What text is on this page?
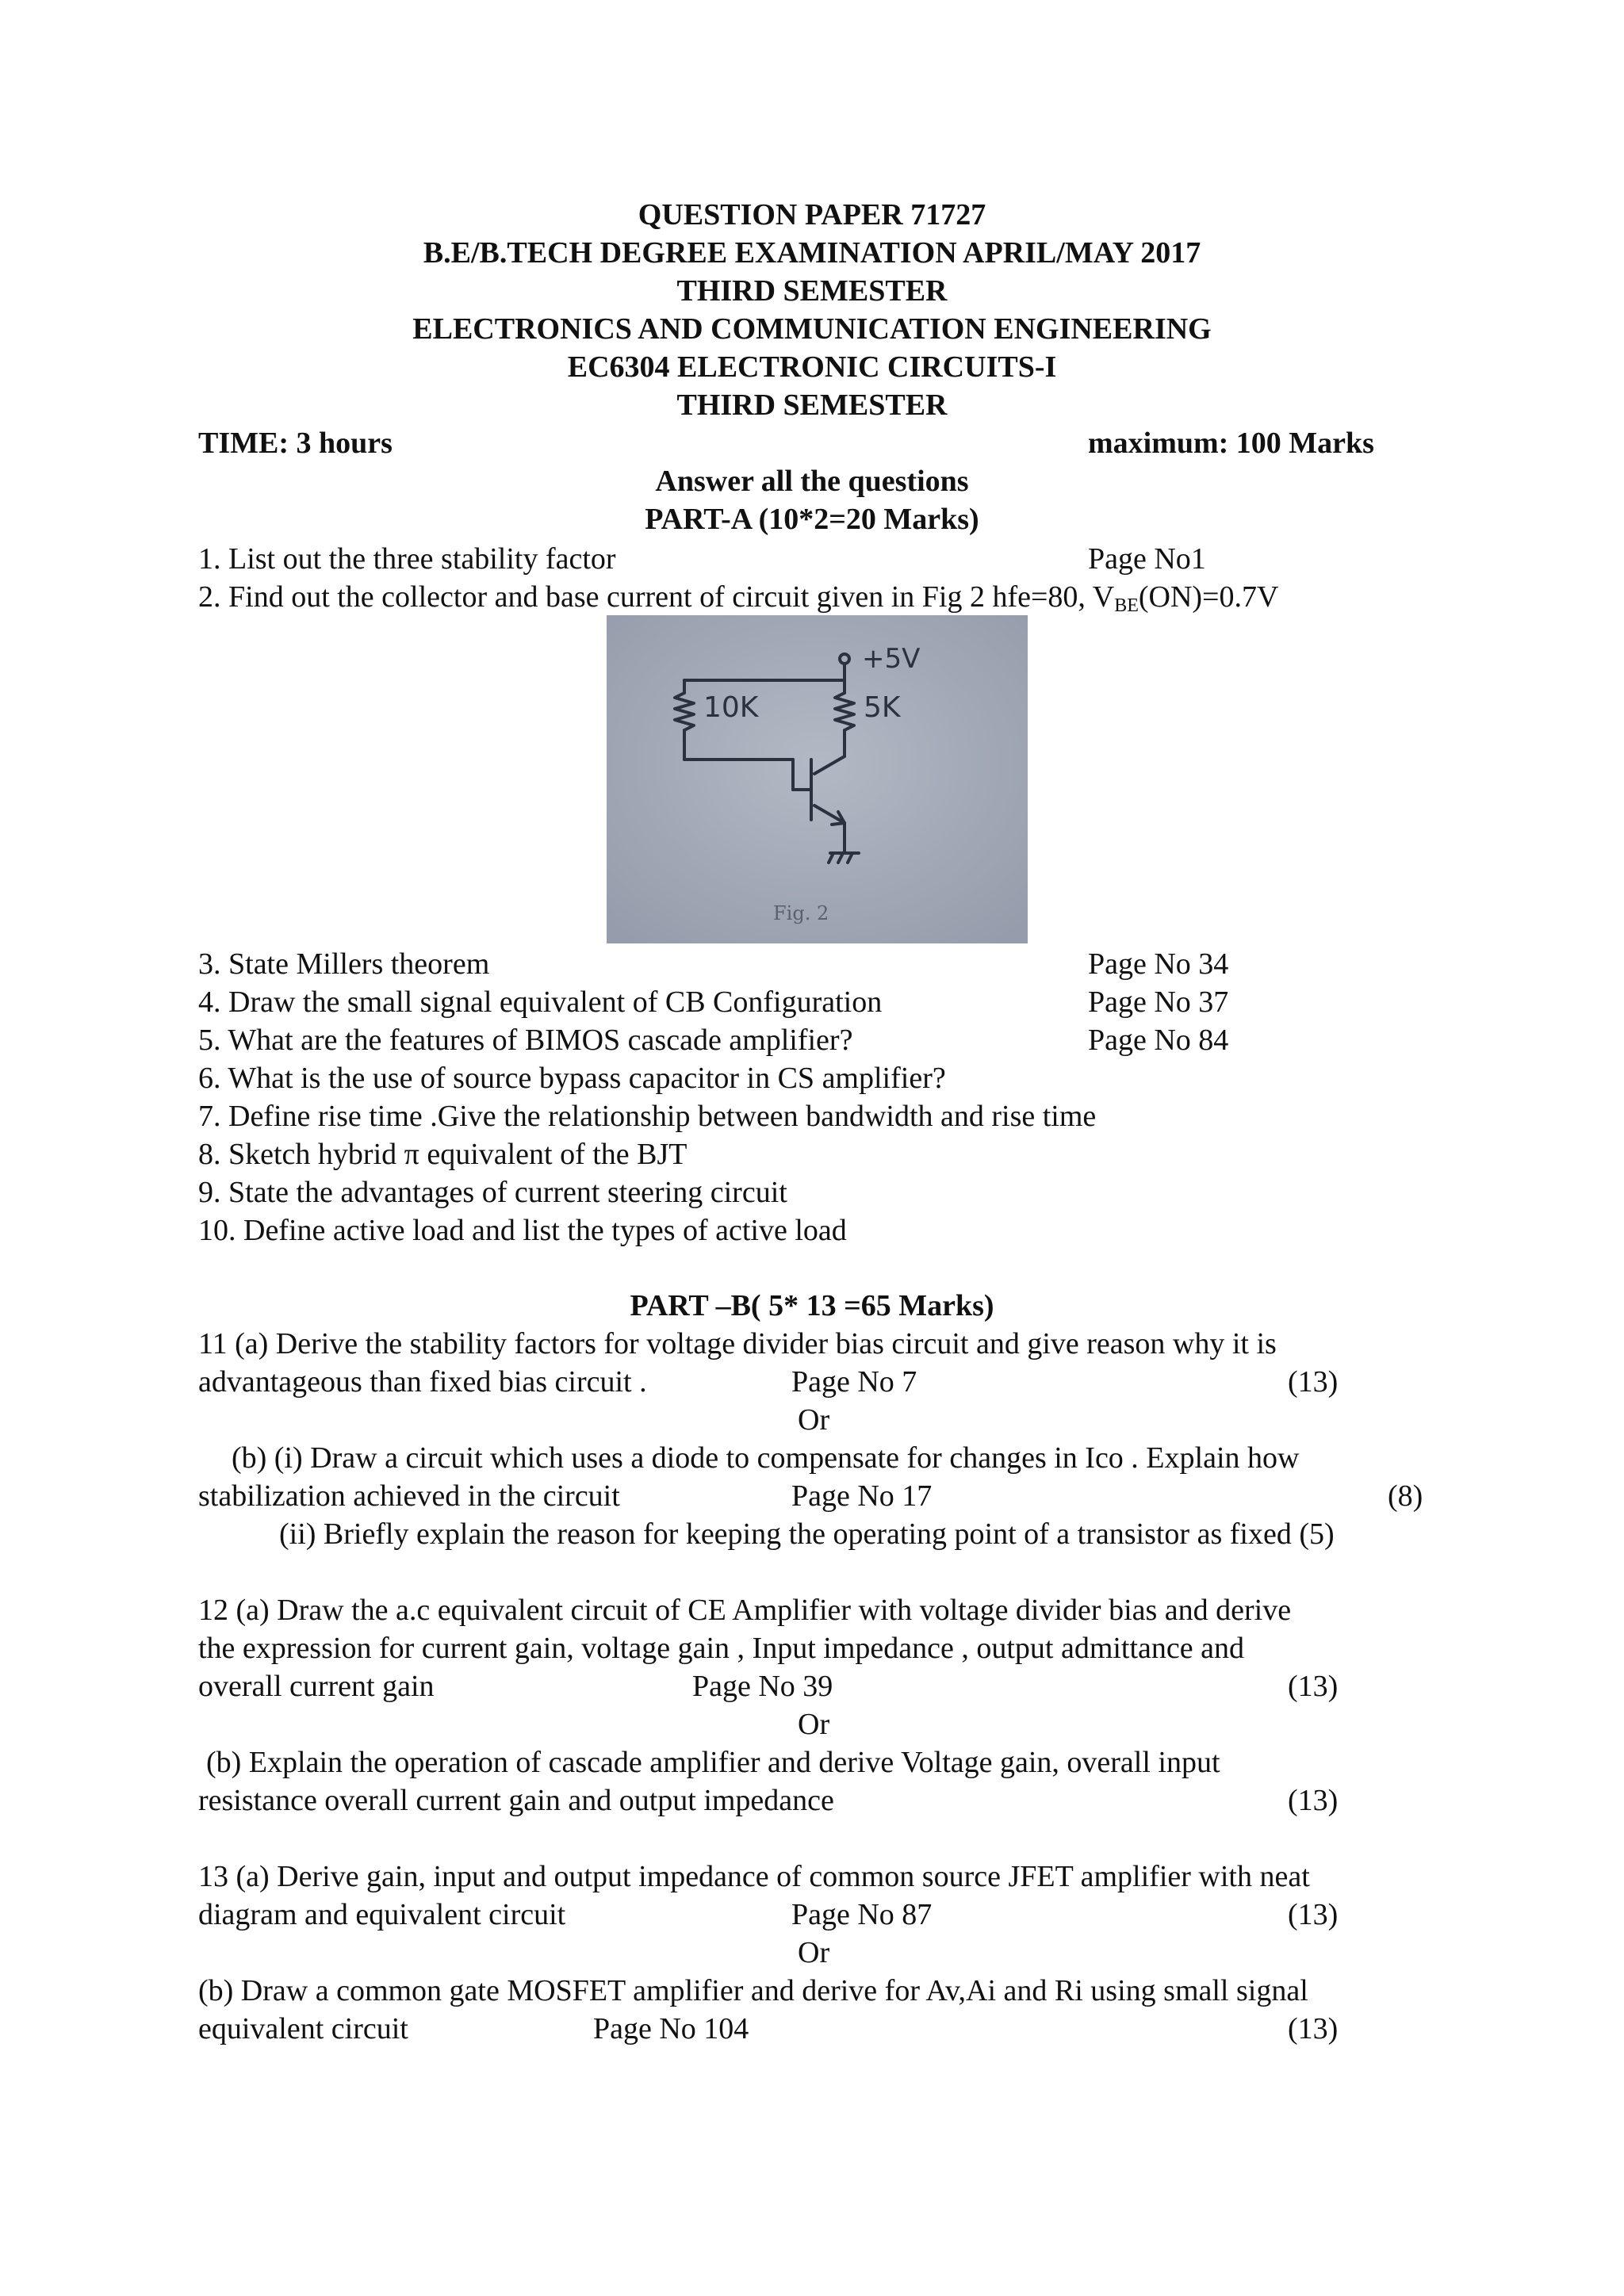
QUESTION PAPER 71727
B.E/B.TECH DEGREE EXAMINATION APRIL/MAY 2017
THIRD SEMESTER
ELECTRONICS AND COMMUNICATION ENGINEERING
EC6304 ELECTRONIC CIRCUITS-I
THIRD SEMESTER
TIME: 3 hours	maximum: 100 Marks
Answer all the questions
PART-A (10*2=20 Marks)
1. List out the three stability factor	Page No1
2. Find out the collector and base current of circuit given in Fig 2 hfe=80, $V_{BE}(ON)=0.7V$
+5V
10K	5K
Fig. 2
3. State Millers theorem	Page No 34
4. Draw the small signal equivalent of CB Configuration	Page No 37
5. What are the features of BIMOS cascade amplifier?	Page No 84
6. What is the use of source bypass capacitor in CS amplifier?
7. Define rise time .Give the relationship between bandwidth and rise time
8. Sketch hybrid π equivalent of the BJT
9. State the advantages of current steering circuit
10. Define active load and list the types of active load
PART –B( 5* 13 =65 Marks)
11 (a) Derive the stability factors for voltage divider bias circuit and give reason why it is
advantageous than fixed bias circuit .	Page No 7	(13)
Or
(b) (i) Draw a circuit which uses a diode to compensate for changes in Ico . Explain how
stabilization achieved in the circuit	Page No 17	(8)
(ii) Briefly explain the reason for keeping the operating point of a transistor as fixed (5)
12 (a) Draw the a.c equivalent circuit of CE Amplifier with voltage divider bias and derive
the expression for current gain, voltage gain , Input impedance , output admittance and
overall current gain	Page No 39	(13)
Or
(b) Explain the operation of cascade amplifier and derive Voltage gain, overall input
resistance overall current gain and output impedance	(13)
13 (a) Derive gain, input and output impedance of common source JFET amplifier with neat
diagram and equivalent circuit	Page No 87	(13)
Or
(b) Draw a common gate MOSFET amplifier and derive for Av,Ai and Ri using small signal
equivalent circuit	Page No 104	(13)
